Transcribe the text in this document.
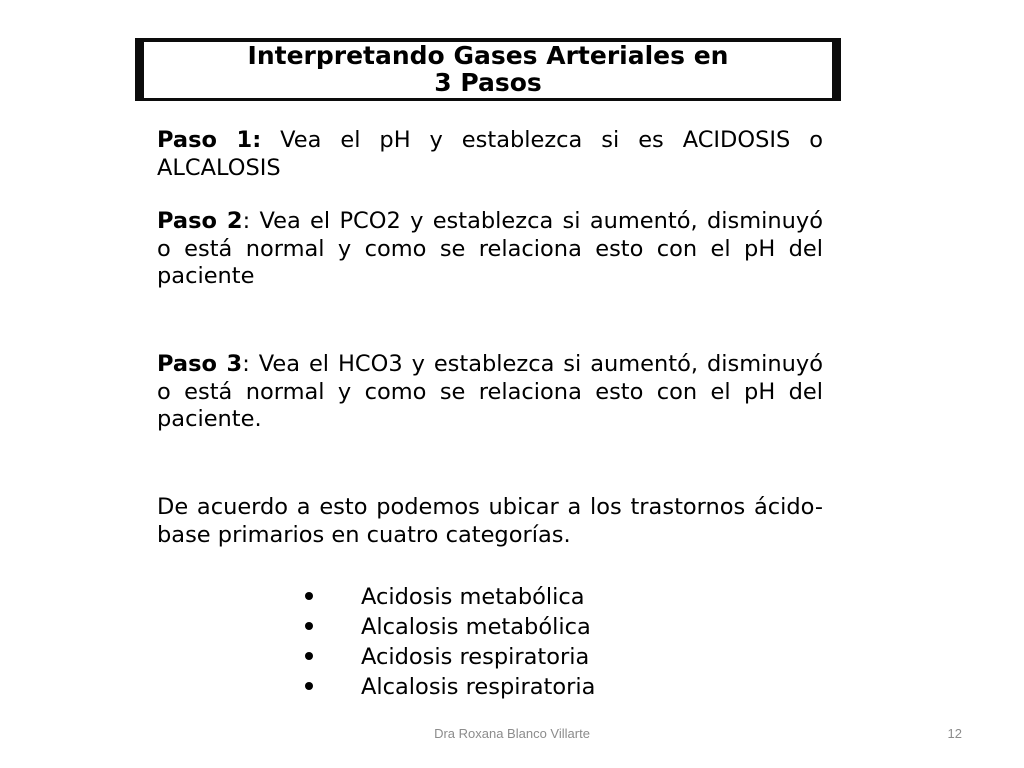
Interpretando Gases Arteriales en
3 Pasos

Paso 1: Vea el pH y establezca si es ACIDOSIS o ALCALOSIS

Paso 2: Vea el PCO2 y establezca si aumentó, disminuyó o está normal y como se relaciona esto con el pH del paciente

Paso 3: Vea el HCO3 y establezca si aumentó, disminuyó o está normal y como se relaciona esto con el pH del paciente.

De acuerdo a esto podemos ubicar a los trastornos ácido-base primarios en cuatro categorías.

Acidosis metabólica
Alcalosis metabólica
Acidosis respiratoria
Alcalosis respiratoria
Dra Roxana Blanco Villarte	12
